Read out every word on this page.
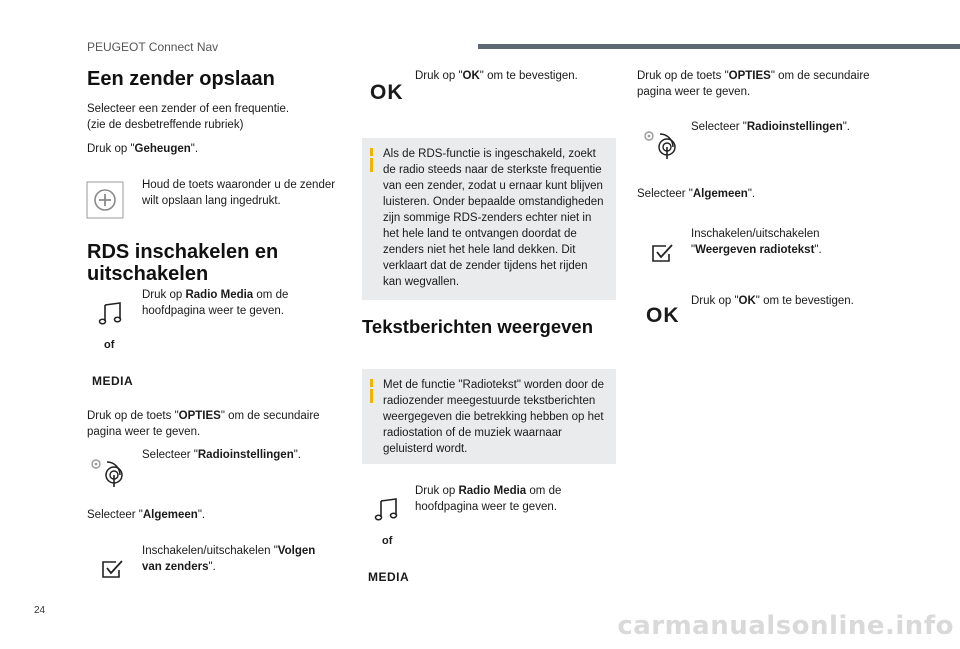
PEUGEOT Connect Nav
Een zender opslaan
Selecteer een zender of een frequentie.
(zie de desbetreffende rubriek)
Druk op "Geheugen".
Houd de toets waaronder u de zender wilt opslaan lang ingedrukt.
RDS inschakelen en uitschakelen
Druk op Radio Media om de hoofdpagina weer te geven.
of
MEDIA
Druk op de toets "OPTIES" om de secundaire pagina weer te geven.
Selecteer "Radioinstellingen".
Selecteer "Algemeen".
Inschakelen/uitschakelen "Volgen van zenders".
OK
Druk op "OK" om te bevestigen.
Als de RDS-functie is ingeschakeld, zoekt de radio steeds naar de sterkste frequentie van een zender, zodat u ernaar kunt blijven luisteren. Onder bepaalde omstandigheden zijn sommige RDS-zenders echter niet in het hele land te ontvangen doordat de zenders niet het hele land dekken. Dit verklaart dat de zender tijdens het rijden kan wegvallen.
Tekstberichten weergeven
Met de functie "Radiotekst" worden door de radiozender meegestuurde tekstberichten weergegeven die betrekking hebben op het radiostation of de muziek waarnaar geluisterd wordt.
Druk op Radio Media om de hoofdpagina weer te geven.
of
MEDIA
Druk op de toets "OPTIES" om de secundaire pagina weer te geven.
Selecteer "Radioinstellingen".
Selecteer "Algemeen".
Inschakelen/uitschakelen
"Weergeven radiotekst".
OK
Druk op "OK" om te bevestigen.
24
carmanualsonline.info
